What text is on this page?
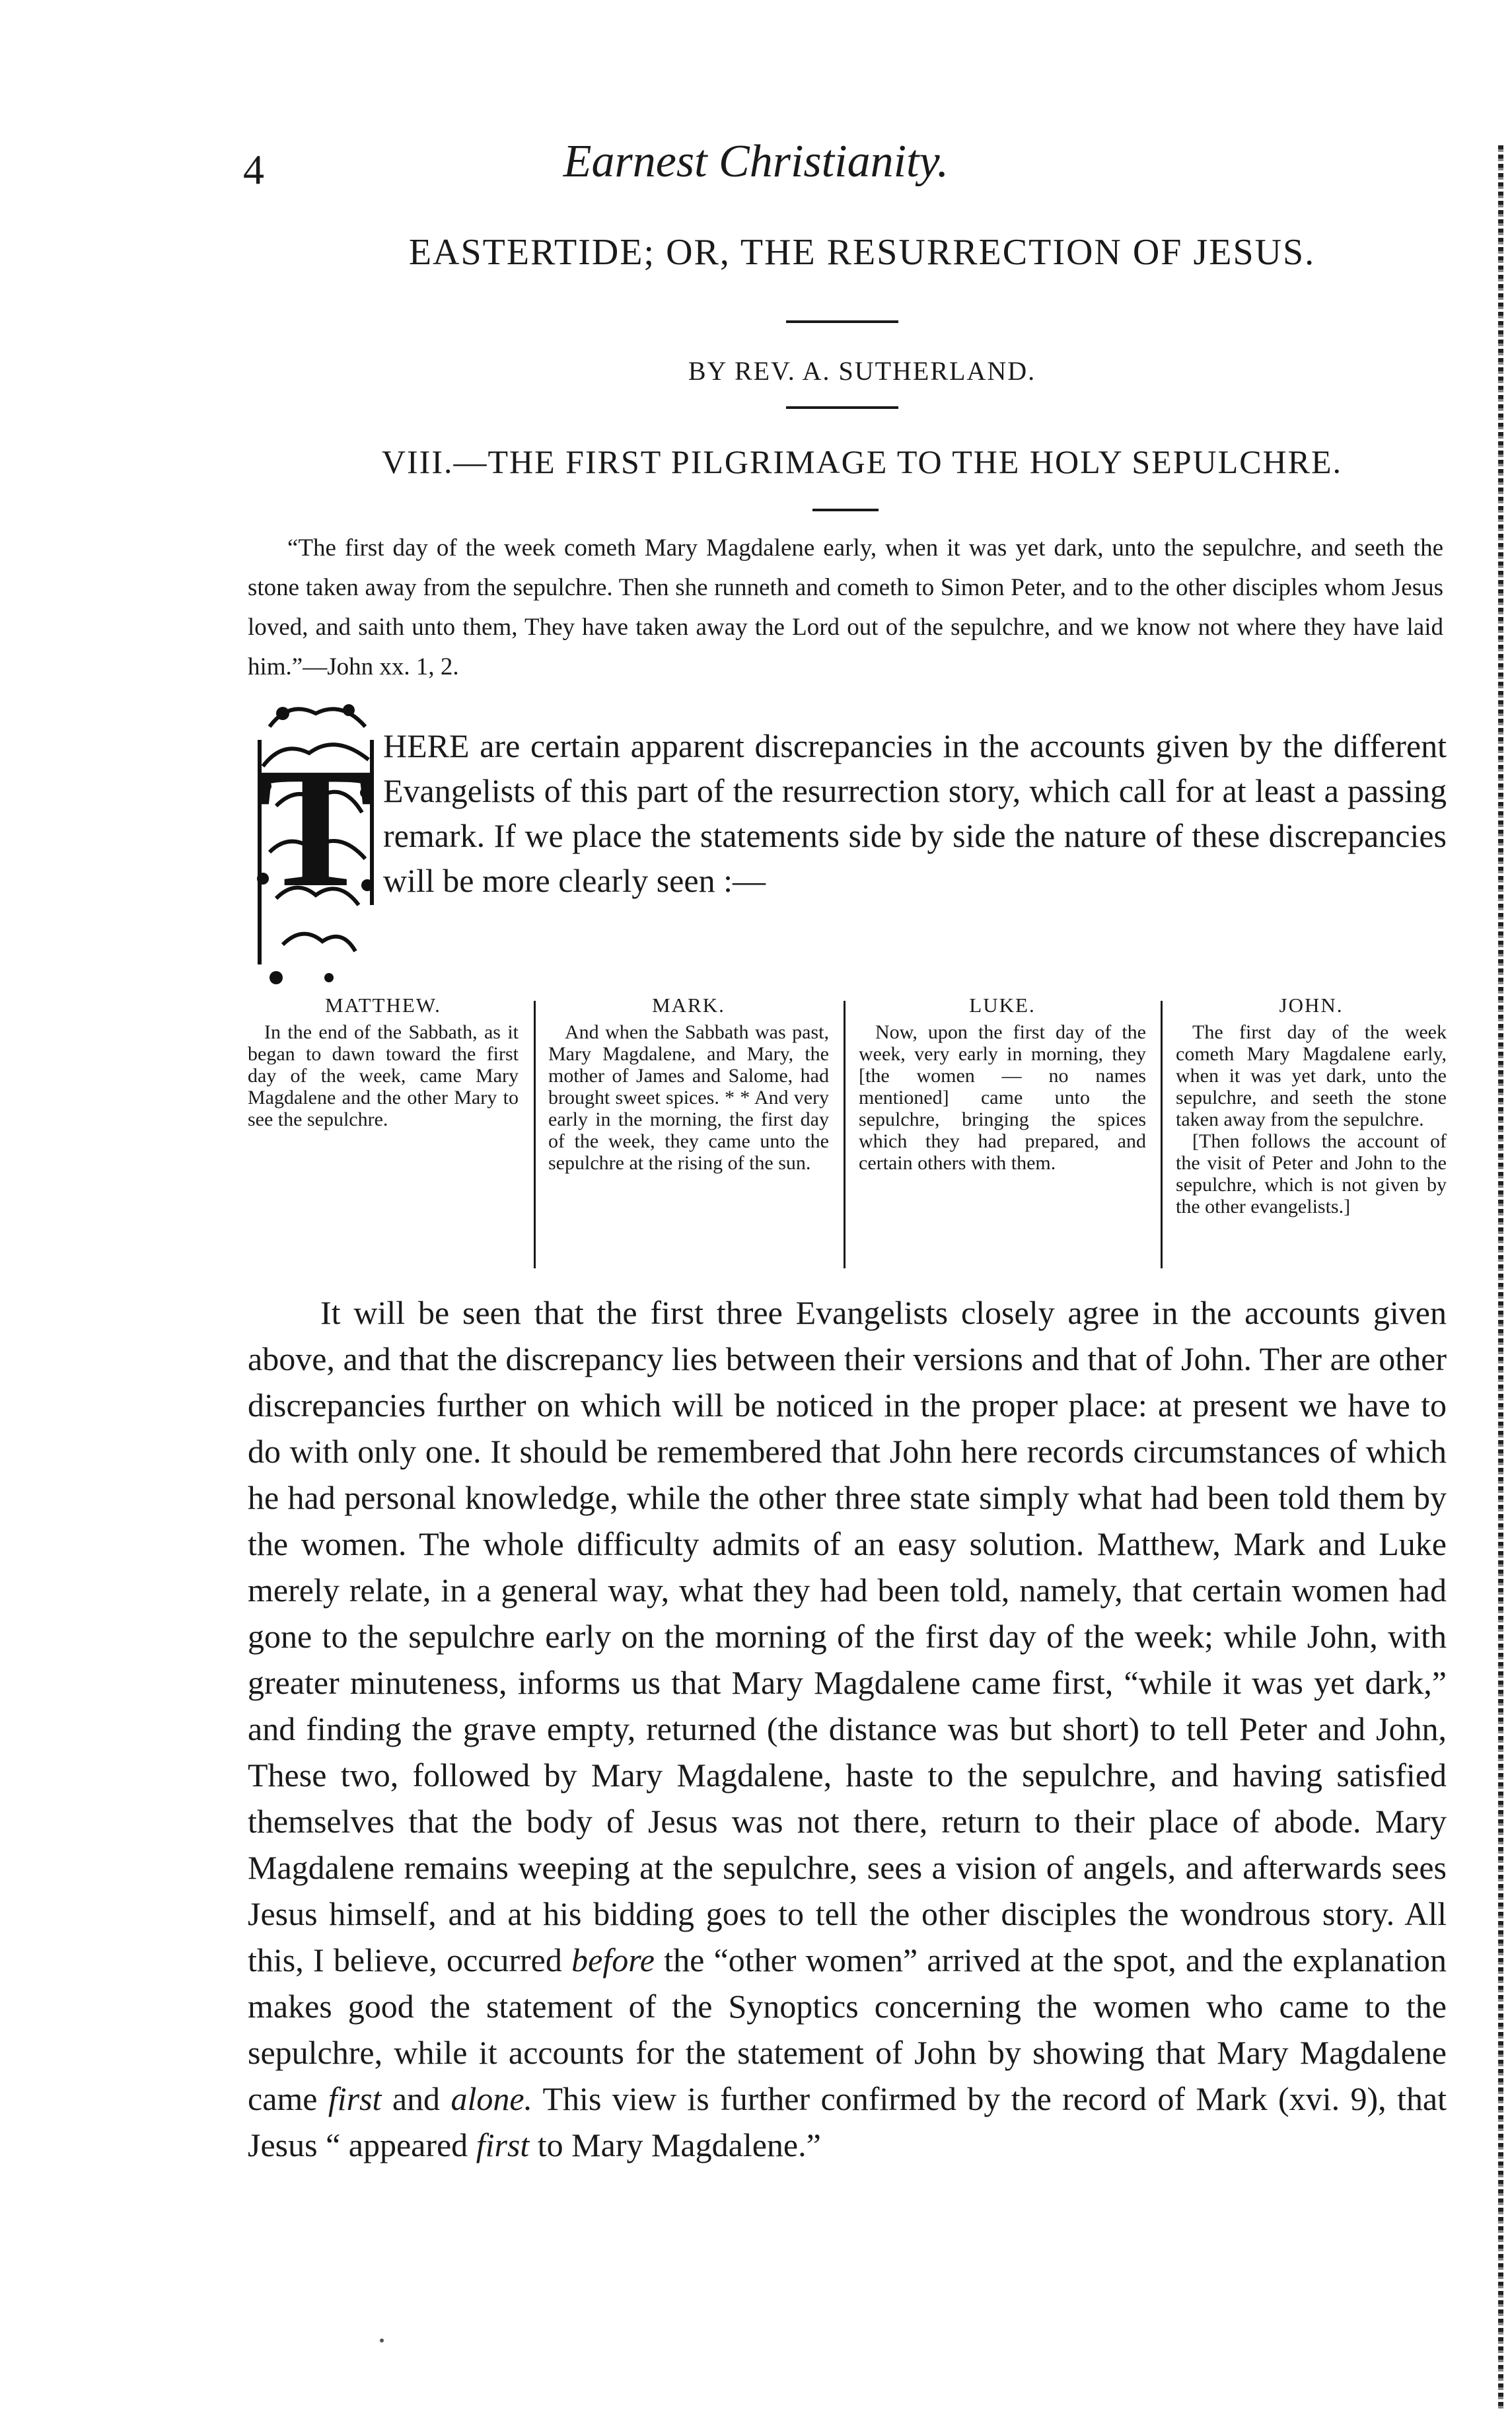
4	Earnest Christianity.
EASTERTIDE; OR, THE RESURRECTION OF JESUS.
BY REV. A. SUTHERLAND.
VIII.—THE FIRST PILGRIMAGE TO THE HOLY SEPULCHRE.
“The first day of the week cometh Mary Magdalene early, when it was yet dark, unto the sepulchre, and seeth the stone taken away from the sepulchre. Then she runneth and cometh to Simon Peter, and to the other disciples whom Jesus loved, and saith unto them, They have taken away the Lord out of the sepulchre, and we know not where they have laid him.”—John xx. 1, 2.
T HERE are certain apparent discrepancies in the accounts given by the different Evangelists of this part of the resurrection story, which call for at least a passing remark. If we place the statements side by side the nature of these discrepancies will be more clearly seen :—
MATTHEW.

In the end of the Sabbath, as it began to dawn toward the first day of the week, came Mary Magdalene and the other Mary to see the sepulchre.

MARK.

And when the Sabbath was past, Mary Magdalene, and Mary, the mother of James and Salome, had brought sweet spices. * * And very early in the morning, the first day of the week, they came unto the sepulchre at the rising of the sun.

LUKE.

Now, upon the first day of the week, very early in morning, they [the women — no names mentioned] came unto the sepulchre, bringing the spices which they had prepared, and certain others with them.

JOHN.

The first day of the week cometh Mary Magdalene early, when it was yet dark, unto the sepulchre, and seeth the stone taken away from the sepulchre.

[Then follows the account of the visit of Peter and John to the sepulchre, which is not given by the other evangelists.]

It will be seen that the first three Evangelists closely agree in the accounts given above, and that the discrepancy lies between their versions and that of John. Ther are other discrepancies further on which will be noticed in the proper place: at present we have to do with only one. It should be remembered that John here records circumstances of which he had personal knowledge, while the other three state simply what had been told them by the women. The whole difficulty admits of an easy solution. Matthew, Mark and Luke merely relate, in a general way, what they had been told, namely, that certain women had gone to the sepulchre early on the morning of the first day of the week; while John, with greater minuteness, informs us that Mary Magdalene came first, “while it was yet dark,” and finding the grave empty, returned (the distance was but short) to tell Peter and John, These two, followed by Mary Magdalene, haste to the sepulchre, and having satisfied themselves that the body of Jesus was not there, return to their place of abode. Mary Magdalene remains weeping at the sepulchre, sees a vision of angels, and afterwards sees Jesus himself, and at his bidding goes to tell the other disciples the wondrous story. All this, I believe, occurred before the “other women” arrived at the spot, and the explanation makes good the statement of the Synoptics concerning the women who came to the sepulchre, while it accounts for the statement of John by showing that Mary Magdalene came first and alone. This view is further confirmed by the record of Mark (xvi. 9), that Jesus “ appeared first to Mary Magdalene.”
